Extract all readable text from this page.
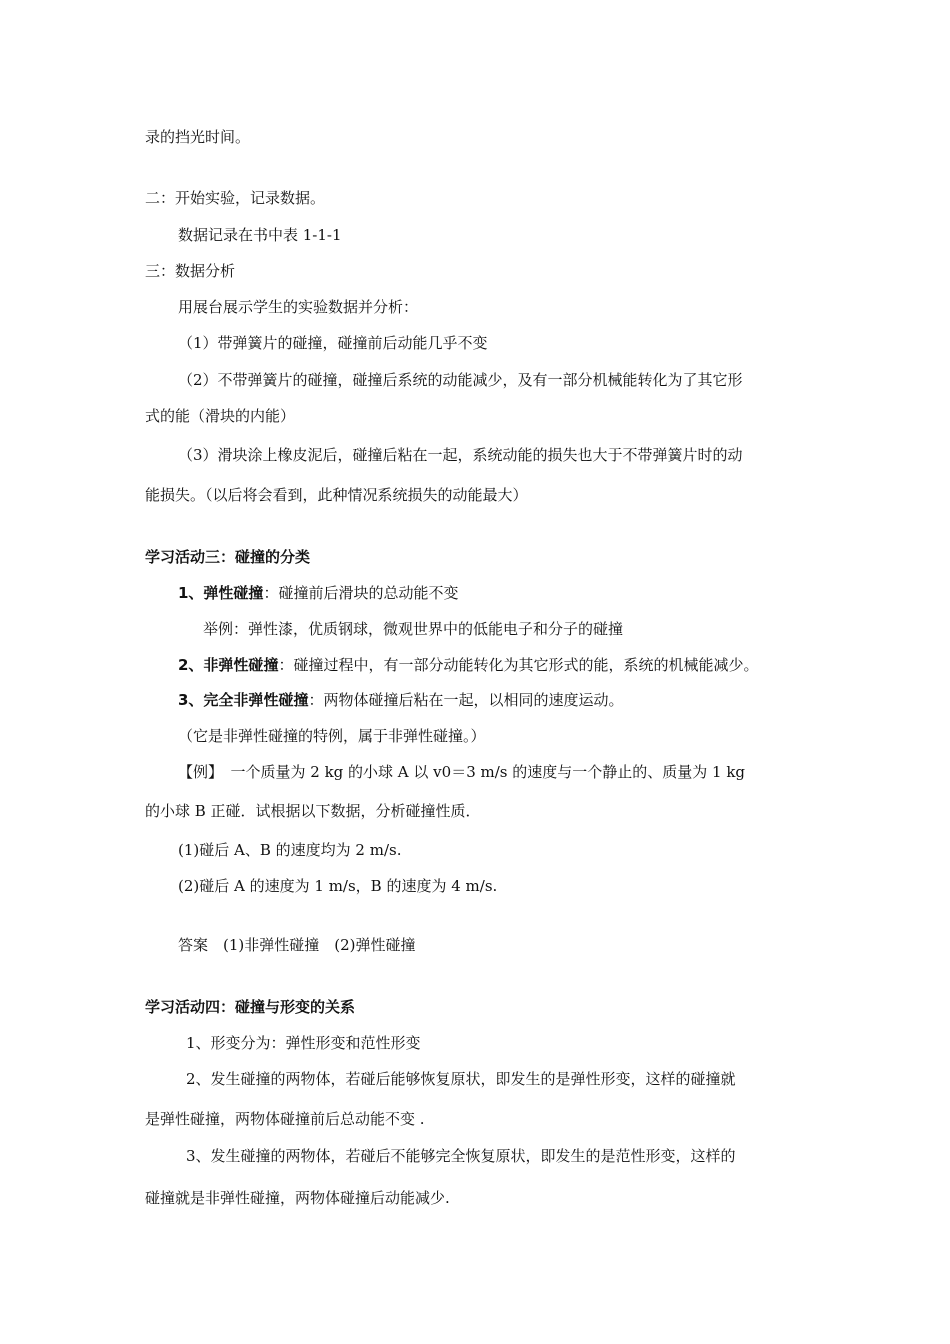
录的挡光时间。
二：开始实验，记录数据。
数据记录在书中表 1-1-1
三：数据分析
用展台展示学生的实验数据并分析：
（1）带弹簧片的碰撞，碰撞前后动能几乎不变
（2）不带弹簧片的碰撞，碰撞后系统的动能减少，及有一部分机械能转化为了其它形
式的能（滑块的内能）
（3）滑块涂上橡皮泥后，碰撞后粘在一起，系统动能的损失也大于不带弹簧片时的动
能损失。（以后将会看到，此种情况系统损失的动能最大）
学习活动三：碰撞的分类
1、弹性碰撞：碰撞前后滑块的总动能不变
举例：弹性漆，优质钢球，微观世界中的低能电子和分子的碰撞
2、非弹性碰撞：碰撞过程中，有一部分动能转化为其它形式的能，系统的机械能减少。
3、完全非弹性碰撞：两物体碰撞后粘在一起，以相同的速度运动。
（它是非弹性碰撞的特例，属于非弹性碰撞。）
【例】　一个质量为 2 kg 的小球 A 以 v0＝3 m/s 的速度与一个静止的、质量为 1 kg
的小球 B 正碰．试根据以下数据，分析碰撞性质．
(1)碰后 A、B 的速度均为 2 m/s.
(2)碰后 A 的速度为 1 m/s，B 的速度为 4 m/s.
答案　(1)非弹性碰撞　(2)弹性碰撞
学习活动四：碰撞与形变的关系
1、形变分为：弹性形变和范性形变
2、发生碰撞的两物体，若碰后能够恢复原状，即发生的是弹性形变，这样的碰撞就
是弹性碰撞，两物体碰撞前后总动能不变 .
3、发生碰撞的两物体，若碰后不能够完全恢复原状，即发生的是范性形变，这样的
碰撞就是非弹性碰撞，两物体碰撞后动能减少.
